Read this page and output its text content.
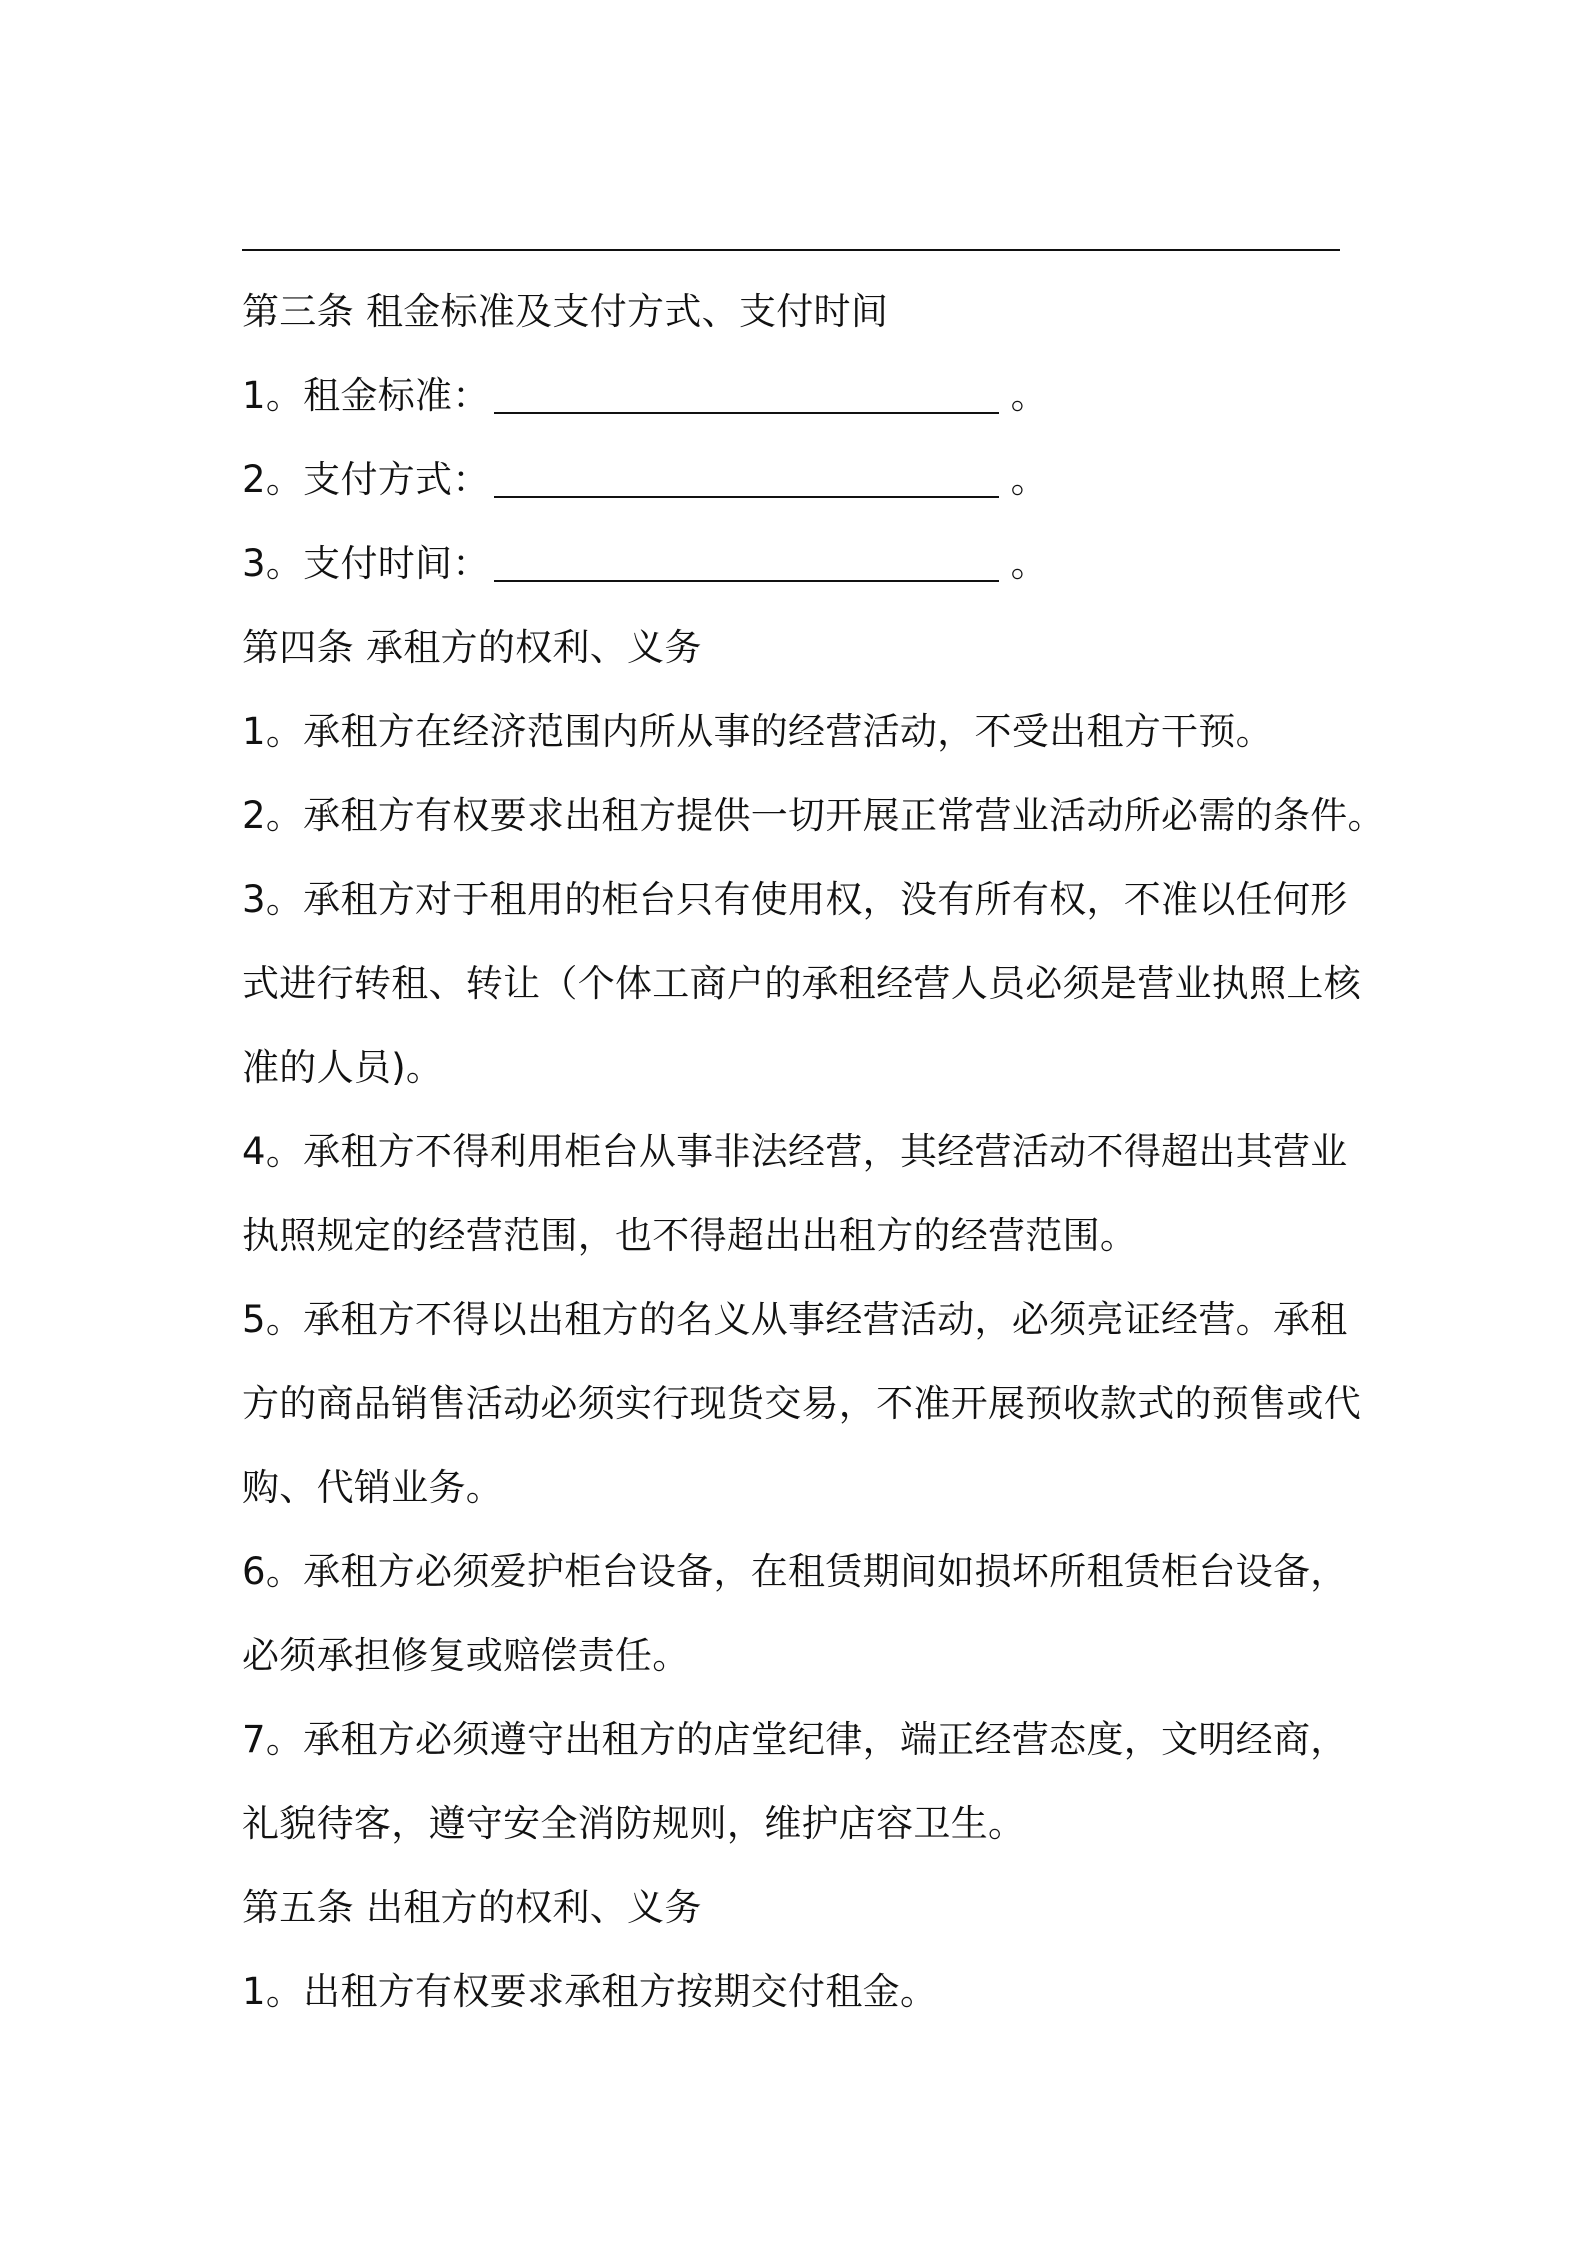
第三条 租金标准及支付方式、支付时间
1。租金标准：	。
2。支付方式：	。
3。支付时间：	。
第四条 承租方的权利、义务
1。承租方在经济范围内所从事的经营活动，不受出租方干预。
2。承租方有权要求出租方提供一切开展正常营业活动所必需的条件。
3。承租方对于租用的柜台只有使用权，没有所有权，不准以任何形
式进行转租、转让（个体工商户的承租经营人员必须是营业执照上核
准的人员)。
4。承租方不得利用柜台从事非法经营，其经营活动不得超出其营业
执照规定的经营范围，也不得超出出租方的经营范围。
5。承租方不得以出租方的名义从事经营活动，必须亮证经营。承租
方的商品销售活动必须实行现货交易，不准开展预收款式的预售或代
购、代销业务。
6。承租方必须爱护柜台设备，在租赁期间如损坏所租赁柜台设备，
必须承担修复或赔偿责任。
7。承租方必须遵守出租方的店堂纪律，端正经营态度，文明经商，
礼貌待客，遵守安全消防规则，维护店容卫生。
第五条 出租方的权利、义务
1。出租方有权要求承租方按期交付租金。
